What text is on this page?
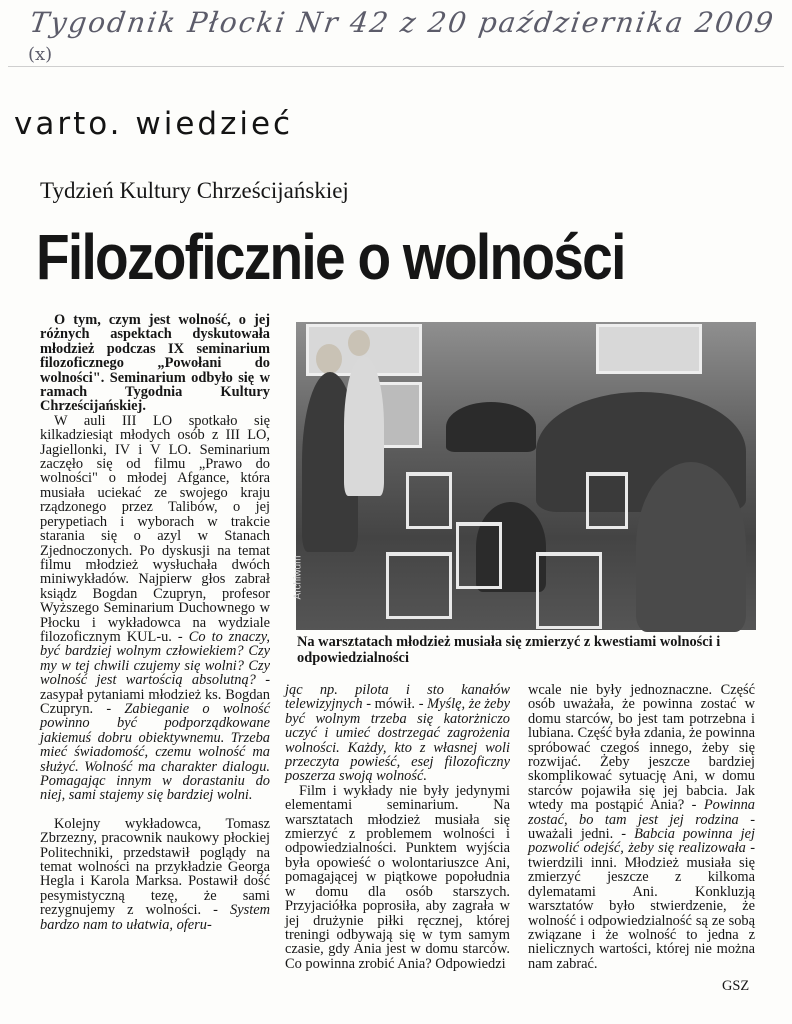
Tygodnik Płocki Nr 42 z 20 października 2009
(x)
varto. wiedzieć
Tydzień Kultury Chrześcijańskiej
Filozoficznie o wolności

O tym, czym jest wolność, o jej różnych aspektach dyskutowała młodzież podczas IX seminarium filozoficznego „Powołani do wolności". Seminarium odbyło się w ramach Tygodnia Kultury Chrześcijańskiej.

W auli III LO spotkało się kilkadziesiąt młodych osób z III LO, Jagiellonki, IV i V LO. Seminarium zaczęło się od filmu „Prawo do wolności" o młodej Afgance, która musiała uciekać ze swojego kraju rządzonego przez Talibów, o jej perypetiach i wyborach w trakcie starania się o azyl w Stanach Zjednoczonych. Po dyskusji na temat filmu młodzież wysłuchała dwóch miniwykładów. Najpierw głos zabrał ksiądz Bogdan Czupryn, profesor Wyższego Seminarium Duchownego w Płocku i wykładowca na wydziale filozoficznym KUL-u. - Co to znaczy, być bardziej wolnym człowiekiem? Czy my w tej chwili czujemy się wolni? Czy wolność jest wartością absolutną? - zasypał pytaniami młodzież ks. Bogdan Czupryn. - Zabieganie o wolność powinno być podporządkowane jakiemuś dobru obiektywnemu. Trzeba mieć świadomość, czemu wolność ma służyć. Wolność ma charakter dialogu. Pomagając innym w dorastaniu do niej, sami stajemy się bardziej wolni.

Kolejny wykładowca, Tomasz Zbrzezny, pracownik naukowy płockiej Politechniki, przedstawił poglądy na temat wolności na przykładzie Georga Hegla i Karola Marksa. Postawił dość pesymistyczną tezę, że sami rezygnujemy z wolności. - System bardzo nam to ułatwia, oferu-

Archiwum
Na warsztatach młodzież musiała się zmierzyć z kwestiami wolności i odpowiedzialności

jąc np. pilota i sto kanałów telewizyjnych - mówił. - Myślę, że żeby być wolnym trzeba się katorżniczo uczyć i umieć dostrzegać zagrożenia wolności. Każdy, kto z własnej woli przeczyta powieść, esej filozoficzny poszerza swoją wolność.

Film i wykłady nie były jedynymi elementami seminarium. Na warsztatach młodzież musiała się zmierzyć z problemem wolności i odpowiedzialności. Punktem wyjścia była opowieść o wolontariuszce Ani, pomagającej w piątkowe popołudnia w domu dla osób starszych. Przyjaciółka poprosiła, aby zagrała w jej drużynie piłki ręcznej, której treningi odbywają się w tym samym czasie, gdy Ania jest w domu starców. Co powinna zrobić Ania? Odpowiedzi

wcale nie były jednoznaczne. Część osób uważała, że powinna zostać w domu starców, bo jest tam potrzebna i lubiana. Część była zdania, że powinna spróbować czegoś innego, żeby się rozwijać. Żeby jeszcze bardziej skomplikować sytuację Ani, w domu starców pojawiła się jej babcia. Jak wtedy ma postąpić Ania? - Powinna zostać, bo tam jest jej rodzina - uważali jedni. - Babcia powinna jej pozwolić odejść, żeby się realizowała - twierdzili inni. Młodzież musiała się zmierzyć jeszcze z kilkoma dylematami Ani. Konkluzją warsztatów było stwierdzenie, że wolność i odpowiedzialność są ze sobą związane i że wolność to jedna z nielicznych wartości, której nie można nam zabrać.

GSZ
